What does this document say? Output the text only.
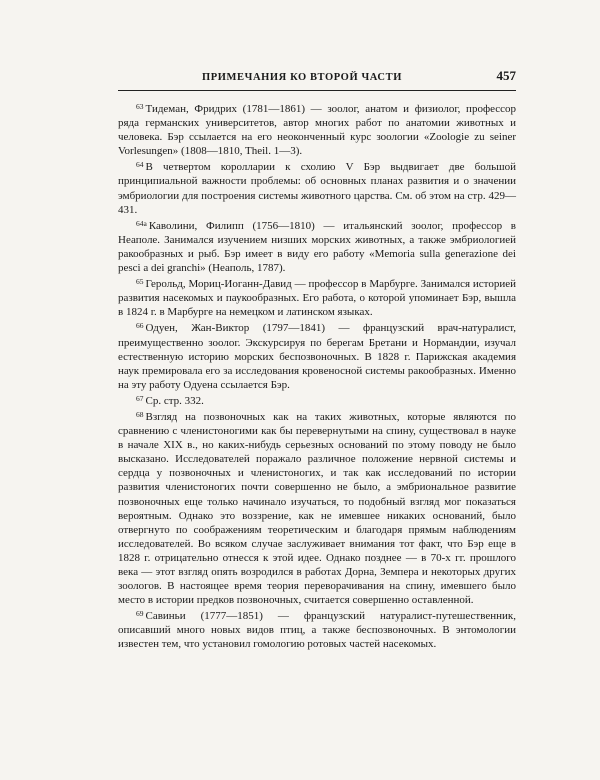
ПРИМЕЧАНИЯ КО ВТОРОЙ ЧАСТИ	457

$^{63}$ Тидеман, Фридрих (1781—1861) — зоолог, анатом и физиолог, профессор ряда германских университетов, автор многих работ по анатомии животных и человека. Бэр ссылается на его неоконченный курс зоологии «Zoologie zu seiner Vorlesungen» (1808—1810, Theil. 1—3).

$^{64}$ В четвертом королларии к схолию V Бэр выдвигает две большой принципиальной важности проблемы: об основных планах развития и о значении эмбриологии для построения системы животного царства. См. об этом на стр. 429—431.

$^{64а}$ Каволини, Филипп (1756—1810) — итальянский зоолог, профессор в Неаполе. Занимался изучением низших морских животных, а также эмбриологией ракообразных и рыб. Бэр имеет в виду его работу «Memoria sulla generazione dei pesci a dei granchi» (Неаполь, 1787).

$^{65}$ Герольд, Мориц-Иоганн-Давид — профессор в Марбурге. Занимался историей развития насекомых и паукообразных. Его работа, о которой упоминает Бэр, вышла в 1824 г. в Марбурге на немецком и латинском языках.

$^{66}$ Одуен, Жан-Виктор (1797—1841) — французский врач-натуралист, преимущественно зоолог. Экскурсируя по берегам Бретани и Нормандии, изучал естественную историю морских беспозвоночных. В 1828 г. Парижская академия наук премировала его за исследования кровеносной системы ракообразных. Именно на эту работу Одуена ссылается Бэр.

$^{67}$ Ср. стр. 332.

$^{68}$ Взгляд на позвоночных как на таких животных, которые являются по сравнению с членистоногими как бы перевернутыми на спину, существовал в науке в начале XIX в., но каких-нибудь серьезных оснований по этому поводу не было высказано. Исследователей поражало различное положение нервной системы и сердца у позвоночных и членистоногих, и так как исследований по истории развития членистоногих почти совершенно не было, а эмбриональное развитие позвоночных еще только начинало изучаться, то подобный взгляд мог показаться вероятным. Однако это воззрение, как не имевшее никаких оснований, было отвергнуто по соображениям теоретическим и благодаря прямым наблюдениям исследователей. Во всяком случае заслуживает внимания тот факт, что Бэр еще в 1828 г. отрицательно отнесся к этой идее. Однако позднее — в 70-х гг. прошлого века — этот взгляд опять возродился в работах Дорна, Земпера и некоторых других зоологов. В настоящее время теория переворачивания на спину, имевшего было место в истории предков позвоночных, считается совершенно оставленной.

$^{69}$ Савиньи (1777—1851) — французский натуралист-путешественник, описавший много новых видов птиц, а также беспозвоночных. В энтомологии известен тем, что установил гомологию ротовых частей насекомых.
